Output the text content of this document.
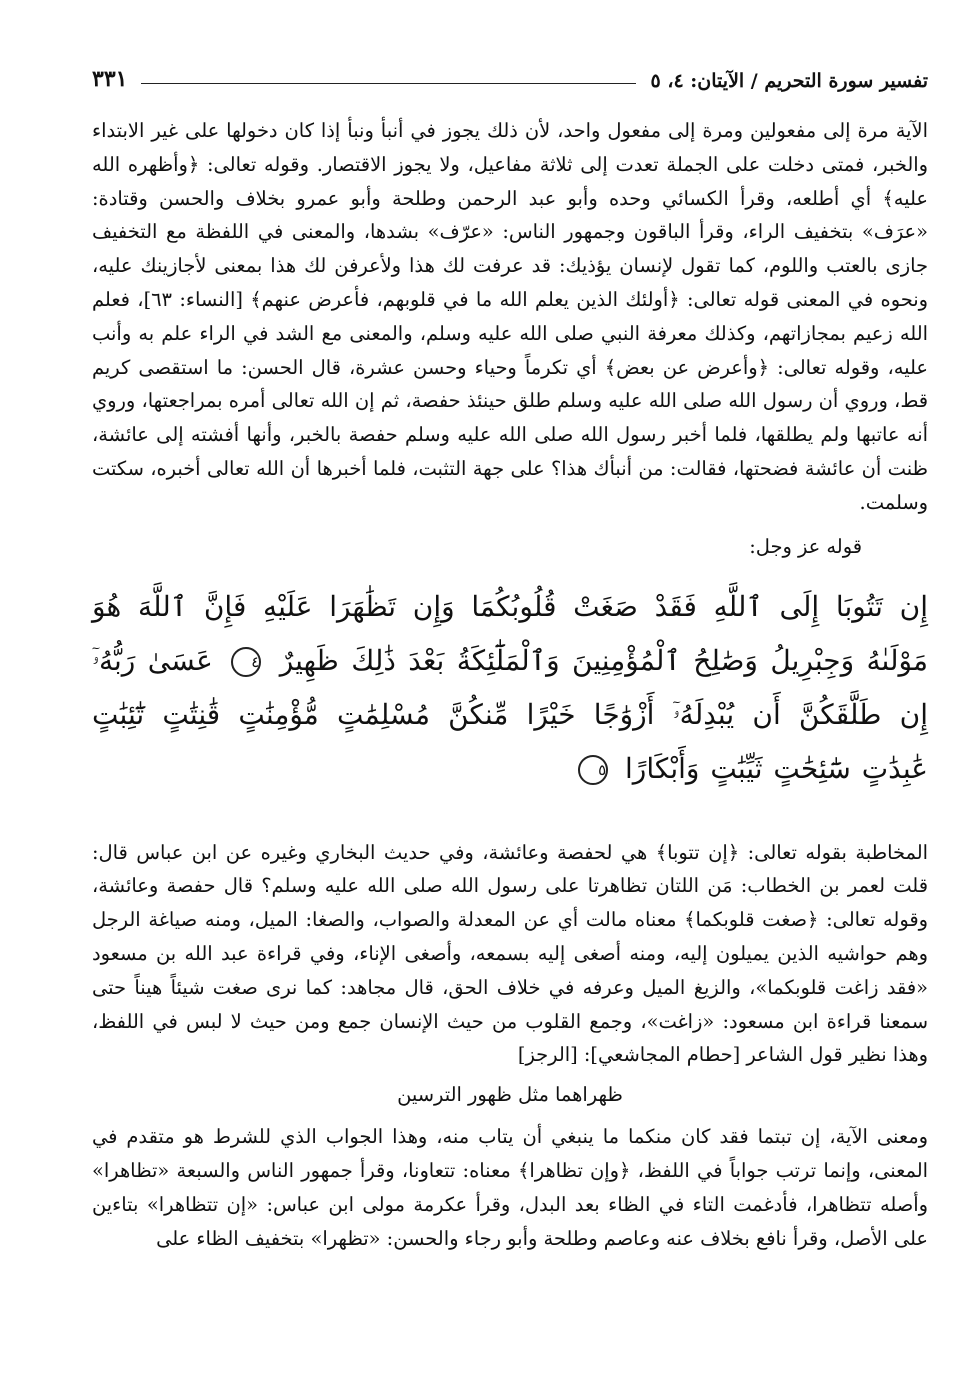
تفسير سورة التحريم / الآيتان: ٤، ٥
٣٣١

الآية مرة إلى مفعولين ومرة إلى مفعول واحد، لأن ذلك يجوز في أنبأ ونبأ إذا كان دخولها على غير الابتداء والخبر، فمتى دخلت على الجملة تعدت إلى ثلاثة مفاعيل، ولا يجوز الاقتصار. وقوله تعالى: ﴿وأظهره الله عليه﴾ أي أطلعه، وقرأ الكسائي وحده وأبو عبد الرحمن وطلحة وأبو عمرو بخلاف والحسن وقتادة: «عرَف» بتخفيف الراء، وقرأ الباقون وجمهور الناس: «عرّف» بشدها، والمعنى في اللفظة مع التخفيف جازى بالعتب واللوم، كما تقول لإنسان يؤذيك: قد عرفت لك هذا ولأعرفن لك هذا بمعنى لأجازينك عليه، ونحوه في المعنى قوله تعالى: ﴿أولئك الذين يعلم الله ما في قلوبهم، فأعرض عنهم﴾ [النساء: ٦٣]، فعلم الله زعيم بمجازاتهم، وكذلك معرفة النبي صلى الله عليه وسلم، والمعنى مع الشد في الراء علم به وأنب عليه، وقوله تعالى: ﴿وأعرض عن بعض﴾ أي تكرماً وحياء وحسن عشرة، قال الحسن: ما استقصى كريم قط، وروي أن رسول الله صلى الله عليه وسلم طلق حينئذ حفصة، ثم إن الله تعالى أمره بمراجعتها، وروي أنه عاتبها ولم يطلقها، فلما أخبر رسول الله صلى الله عليه وسلم حفصة بالخبر، وأنها أفشته إلى عائشة، ظنت أن عائشة فضحتها، فقالت: من أنبأك هذا؟ على جهة التثبت، فلما أخبرها أن الله تعالى أخبره، سكتت وسلمت.

قوله عز وجل:
إِن تَتُوبَا إِلَى ٱللَّهِ فَقَدْ صَغَتْ قُلُوبُكُمَا وَإِن تَظَٰهَرَا عَلَيْهِ فَإِنَّ ٱللَّهَ هُوَ مَوْلَىٰهُ وَجِبْرِيلُ وَصَٰلِحُ ٱلْمُؤْمِنِينَ وَٱلْمَلَٰٓئِكَةُ بَعْدَ ذَٰلِكَ ظَهِيرٌ ٤ عَسَىٰ رَبُّهُۥٓ إِن طَلَّقَكُنَّ أَن يُبْدِلَهُۥٓ أَزْوَٰجًا خَيْرًا مِّنكُنَّ مُسْلِمَٰتٍ مُّؤْمِنَٰتٍ قَٰنِتَٰتٍ تَٰٓئِبَٰتٍ عَٰبِدَٰتٍ سَٰٓئِحَٰتٍ ثَيِّبَٰتٍ وَأَبْكَارًا ٥

المخاطبة بقوله تعالى: ﴿إن تتوبا﴾ هي لحفصة وعائشة، وفي حديث البخاري وغيره عن ابن عباس قال: قلت لعمر بن الخطاب: مَن اللتان تظاهرتا على رسول الله صلى الله عليه وسلم؟ قال حفصة وعائشة، وقوله تعالى: ﴿صغت قلوبكما﴾ معناه مالت أي عن المعدلة والصواب، والصغا: الميل، ومنه صياغة الرجل وهم حواشيه الذين يميلون إليه، ومنه أصغى إليه بسمعه، وأصغى الإناء، وفي قراءة عبد الله بن مسعود «فقد زاغت قلوبكما»، والزيغ الميل وعرفه في خلاف الحق، قال مجاهد: كما نرى صغت شيئاً هيناً حتى سمعنا قراءة ابن مسعود: «زاغت»، وجمع القلوب من حيث الإنسان جمع ومن حيث لا لبس في اللفظ، وهذا نظير قول الشاعر [حطام المجاشعي]: [الرجز]

ظهراهما مثل ظهور الترسين

ومعنى الآية، إن تبتما فقد كان منكما ما ينبغي أن يتاب منه، وهذا الجواب الذي للشرط هو متقدم في المعنى، وإنما ترتب جواباً في اللفظ، ﴿وإن تظاهرا﴾ معناه: تتعاونا، وقرأ جمهور الناس والسبعة «تظاهرا» وأصله تتظاهرا، فأدغمت التاء في الظاء بعد البدل، وقرأ عكرمة مولى ابن عباس: «إن تتظاهرا» بتاءين على الأصل، وقرأ نافع بخلاف عنه وعاصم وطلحة وأبو رجاء والحسن: «تظهرا» بتخفيف الظاء على
